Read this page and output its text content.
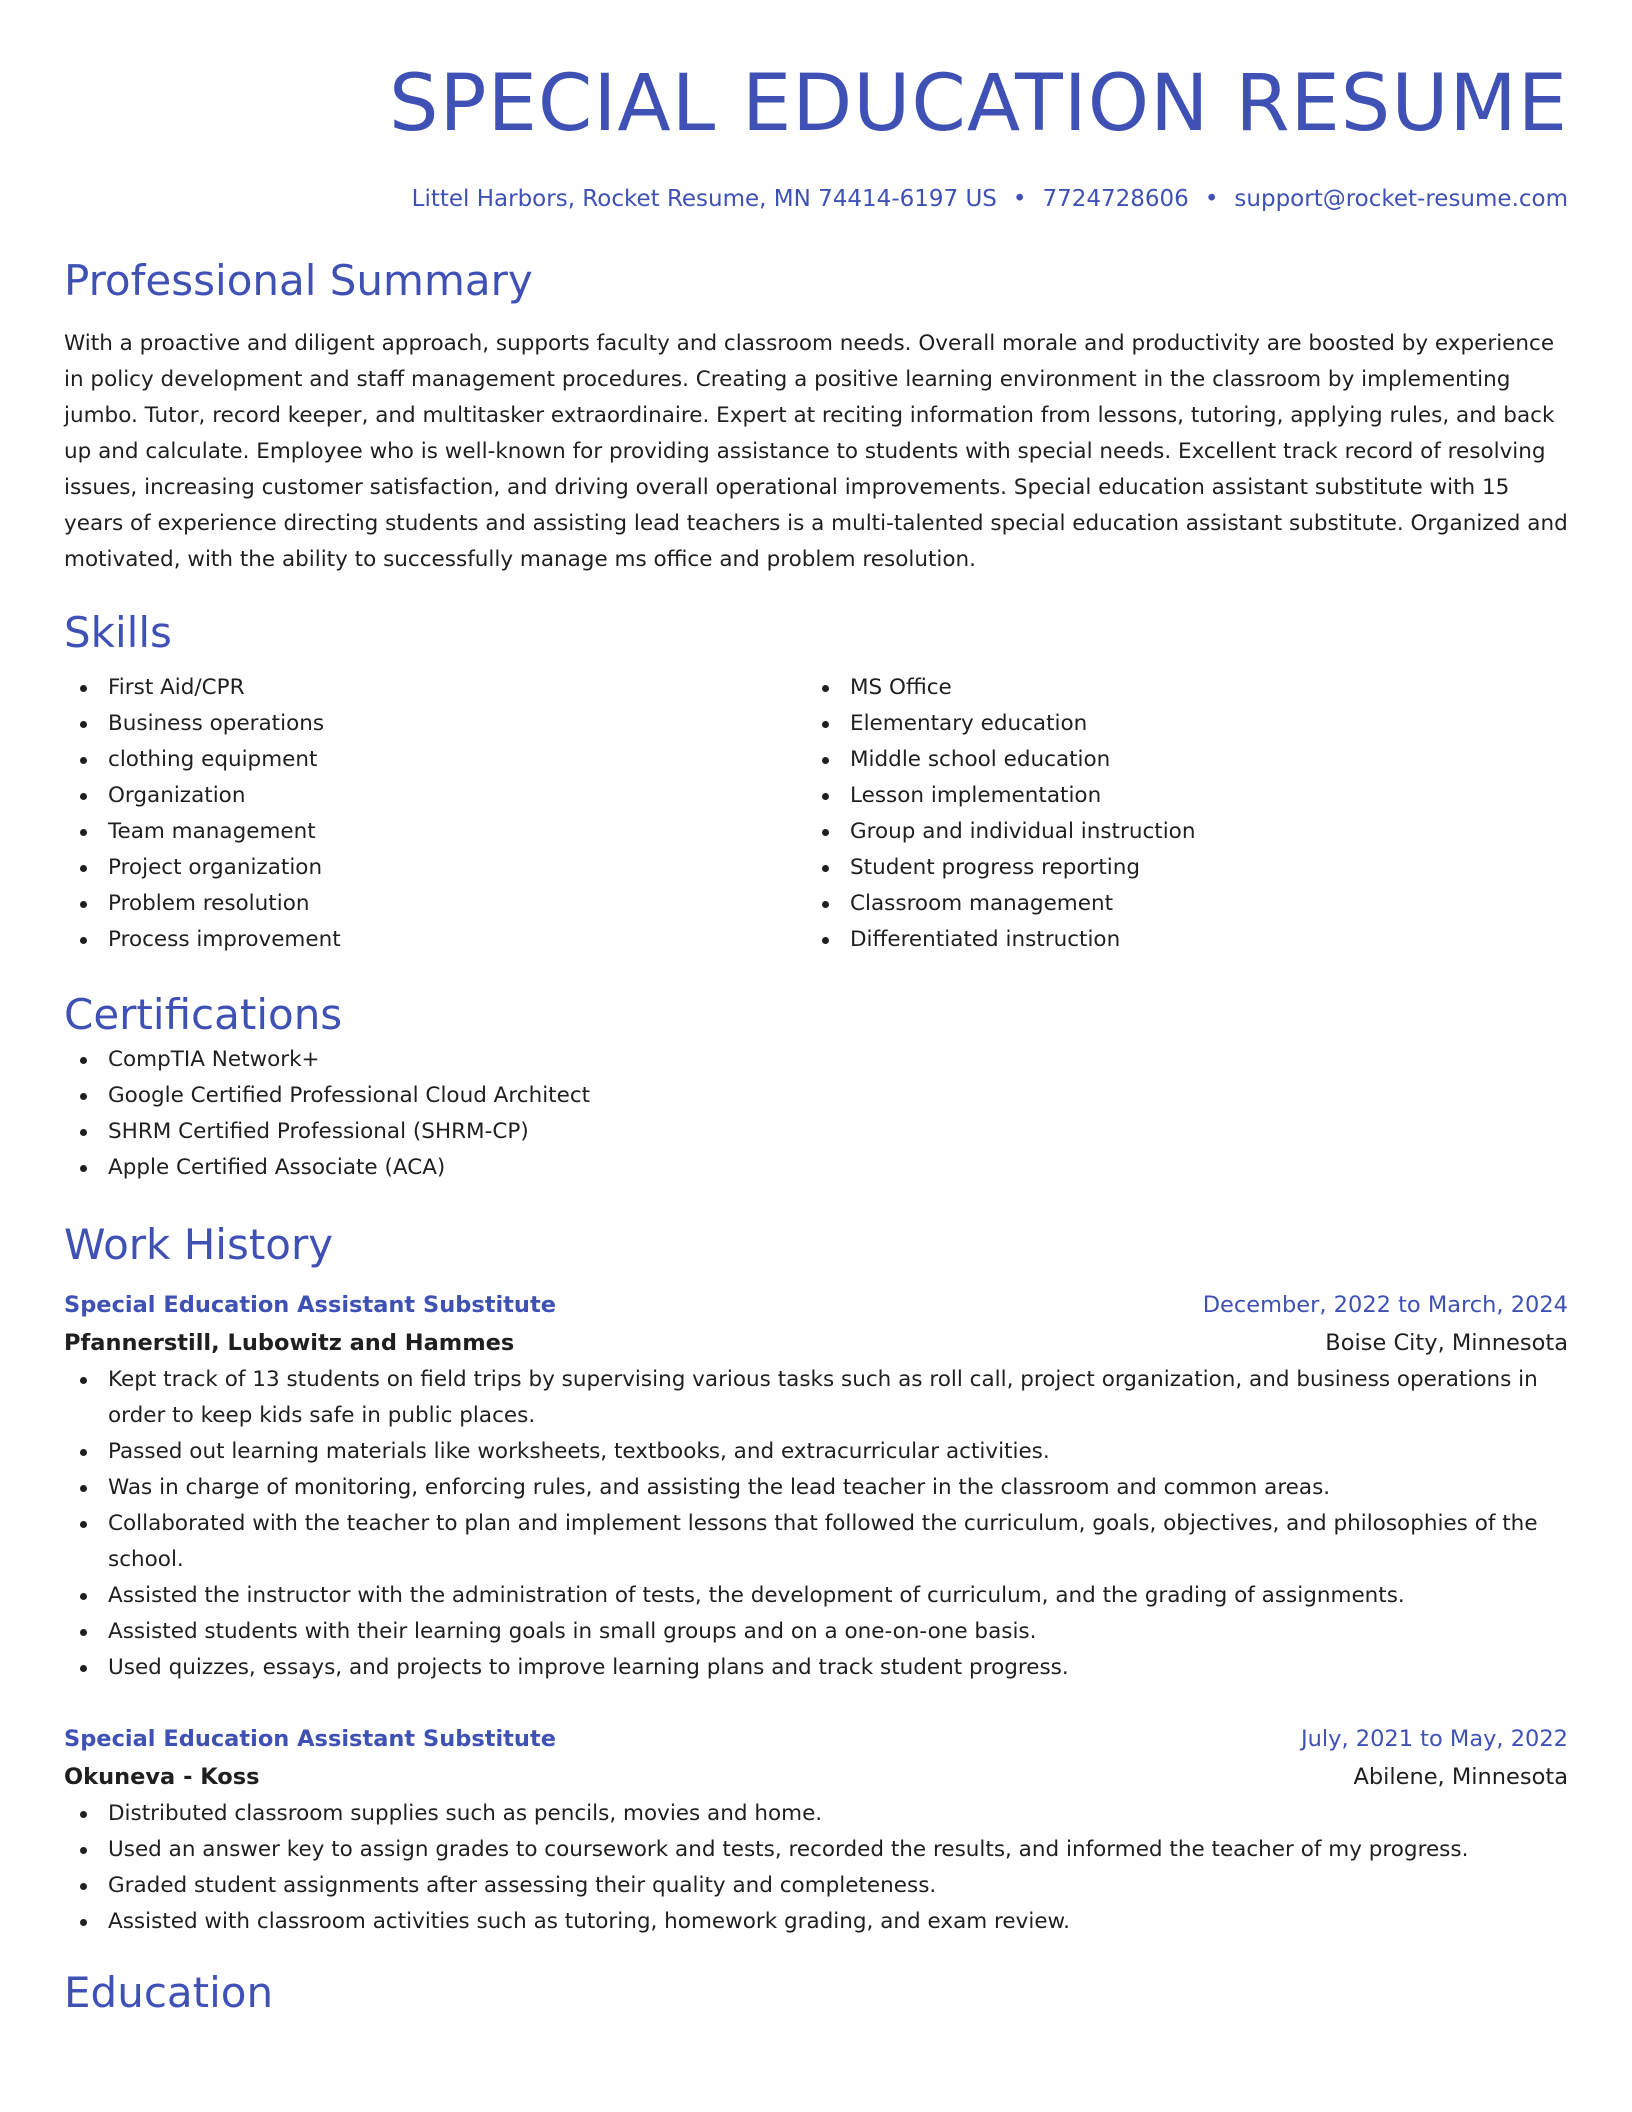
SPECIAL EDUCATION RESUME
Littel Harbors, Rocket Resume, MN 74414-6197 US • 7724728606 • support@rocket-resume.com
Professional Summary

With a proactive and diligent approach, supports faculty and classroom needs. Overall morale and productivity are boosted by experience in policy development and staff management procedures. Creating a positive learning environment in the classroom by implementing jumbo. Tutor, record keeper, and multitasker extraordinaire. Expert at reciting information from lessons, tutoring, applying rules, and back up and calculate. Employee who is well-known for providing assistance to students with special needs. Excellent track record of resolving issues, increasing customer satisfaction, and driving overall operational improvements. Special education assistant substitute with 15 years of experience directing students and assisting lead teachers is a multi-talented special education assistant substitute. Organized and motivated, with the ability to successfully manage ms office and problem resolution.

Skills
First Aid/CPR
Business operations
clothing equipment
Organization
Team management
Project organization
Problem resolution
Process improvement
MS Office
Elementary education
Middle school education
Lesson implementation
Group and individual instruction
Student progress reporting
Classroom management
Differentiated instruction
Certifications
CompTIA Network+
Google Certified Professional Cloud Architect
SHRM Certified Professional (SHRM-CP)
Apple Certified Associate (ACA)
Work History
Special Education Assistant Substitute	December, 2022 to March, 2024
Pfannerstill, Lubowitz and Hammes	Boise City, Minnesota
Kept track of 13 students on field trips by supervising various tasks such as roll call, project organization, and business operations in order to keep kids safe in public places.
Passed out learning materials like worksheets, textbooks, and extracurricular activities.
Was in charge of monitoring, enforcing rules, and assisting the lead teacher in the classroom and common areas.
Collaborated with the teacher to plan and implement lessons that followed the curriculum, goals, objectives, and philosophies of the school.
Assisted the instructor with the administration of tests, the development of curriculum, and the grading of assignments.
Assisted students with their learning goals in small groups and on a one-on-one basis.
Used quizzes, essays, and projects to improve learning plans and track student progress.
Special Education Assistant Substitute	July, 2021 to May, 2022
Okuneva - Koss	Abilene, Minnesota
Distributed classroom supplies such as pencils, movies and home.
Used an answer key to assign grades to coursework and tests, recorded the results, and informed the teacher of my progress.
Graded student assignments after assessing their quality and completeness.
Assisted with classroom activities such as tutoring, homework grading, and exam review.
Education
